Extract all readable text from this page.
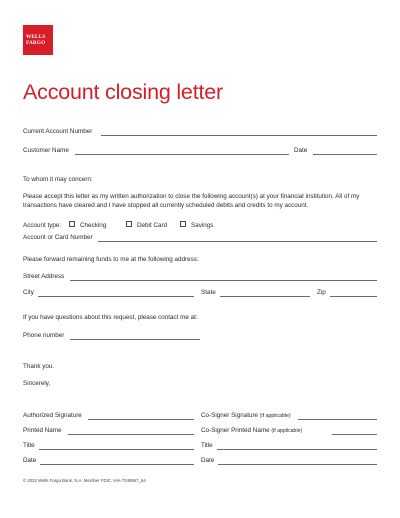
WELLS
FARGO
Account closing letter
Current Account Number
Customer Name	Date
To whom it may concern:
Please accept this letter as my written authorization to close the following account(s) at your financial institution. All of my transactions have cleared and I have stopped all currently scheduled debits and credits to my account.
Account type:	Checking	Debit Card	Savings
Account or Card Number
Please forward remaining funds to me at the following address:
Street Address
City	State	Zip
If you have questions about this request, please contact me at:
Phone number
Thank you.
Sincerely,
Authorized Signature	Co-Signer Signature (if applicable)
Printed Name	Co-Signer Printed Name (if applicable)
Title	Title
Date	Date
© 2022 Wells Fargo Bank, N.A. Member FDIC. IHA-7249567_64
